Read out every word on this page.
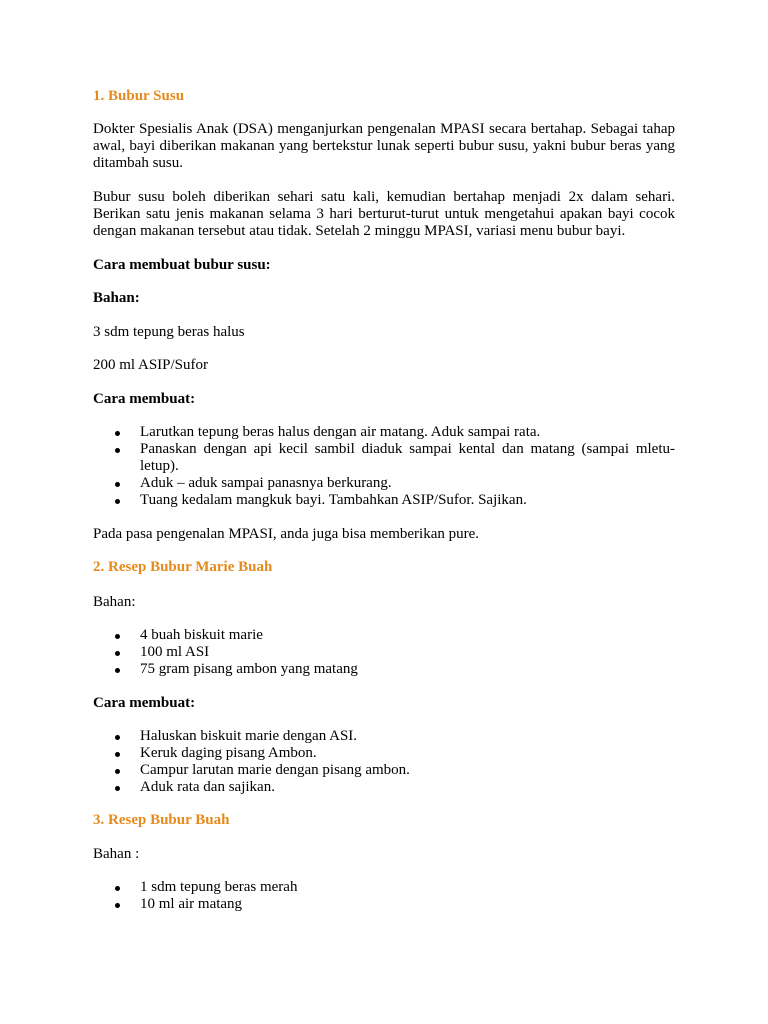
1. Bubur Susu

Dokter Spesialis Anak (DSA) menganjurkan pengenalan MPASI secara bertahap. Sebagai tahap awal, bayi diberikan makanan yang bertekstur lunak seperti bubur susu, yakni bubur beras yang ditambah susu.

Bubur susu boleh diberikan sehari satu kali, kemudian bertahap menjadi 2x dalam sehari. Berikan satu jenis makanan selama 3 hari berturut-turut untuk mengetahui apakan bayi cocok dengan makanan tersebut atau tidak. Setelah 2 minggu MPASI, variasi menu bubur bayi.

Cara membuat bubur susu:

Bahan:

3 sdm tepung beras halus

200 ml ASIP/Sufor

Cara membuat:

Larutkan tepung beras halus dengan air matang. Aduk sampai rata.
Panaskan dengan api kecil sambil diaduk sampai kental dan matang (sampai mletu-letup).
Aduk – aduk sampai panasnya berkurang.
Tuang kedalam mangkuk bayi. Tambahkan ASIP/Sufor. Sajikan.

Pada pasa pengenalan MPASI, anda juga bisa memberikan pure.

2. Resep Bubur Marie Buah

Bahan:

4 buah biskuit marie
100 ml ASI
75 gram pisang ambon yang matang

Cara membuat:

Haluskan biskuit marie dengan ASI.
Keruk daging pisang Ambon.
Campur larutan marie dengan pisang ambon.
Aduk rata dan sajikan.

3. Resep Bubur Buah

Bahan :

1 sdm tepung beras merah
10 ml air matang
